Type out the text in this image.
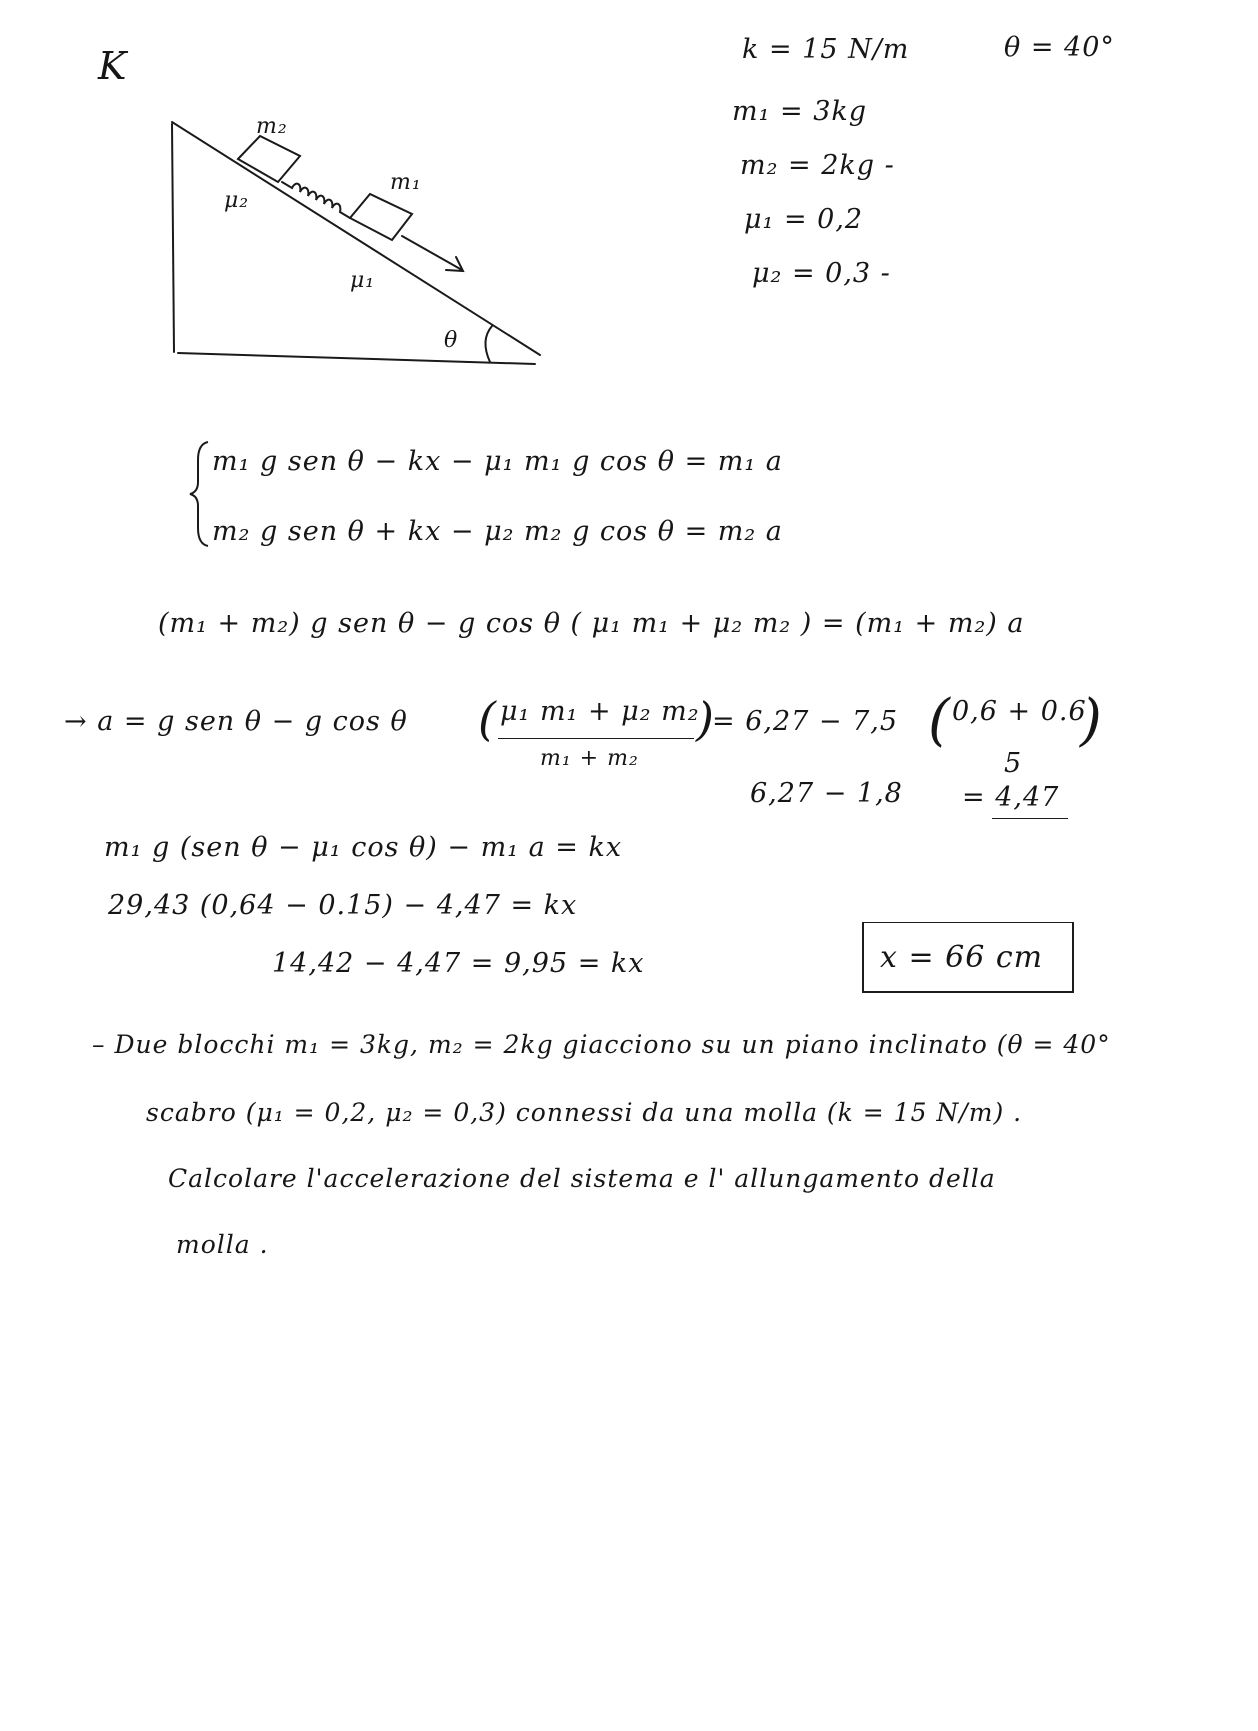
K	k = 15 N/m	θ = 40°
m₁ = 3kg
m₂ = 2kg -
μ₁ = 0,2
μ₂ = 0,3 -
m₂
m₁
μ₂
μ₁
θ
m₁ g sen θ − kx − μ₁ m₁ g cos θ = m₁ a
m₂ g sen θ + kx − μ₂ m₂ g cos θ = m₂ a
(m₁ + m₂) g sen θ − g cos θ ( μ₁ m₁ + μ₂ m₂ ) = (m₁ + m₂) a
→ a = g sen θ − g cos θ ( μ₁ m₁ + μ₂ m₂
m₁ + m₂
)
= 6,27 − 7,5 ( 0,6 + 0.6
5
)
6,27 − 1,8 = 4,47
m₁ g (sen θ − μ₁ cos θ) − m₁ a = kx
29,43 (0,64 − 0.15) − 4,47 = kx
14,42 − 4,47 = 9,95 = kx	x = 66 cm
– Due blocchi m₁ = 3kg, m₂ = 2kg giacciono su un piano inclinato (θ = 40°
scabro (μ₁ = 0,2, μ₂ = 0,3) connessi da una molla (k = 15 N/m) .
Calcolare l'accelerazione del sistema e l' allungamento della
molla .
